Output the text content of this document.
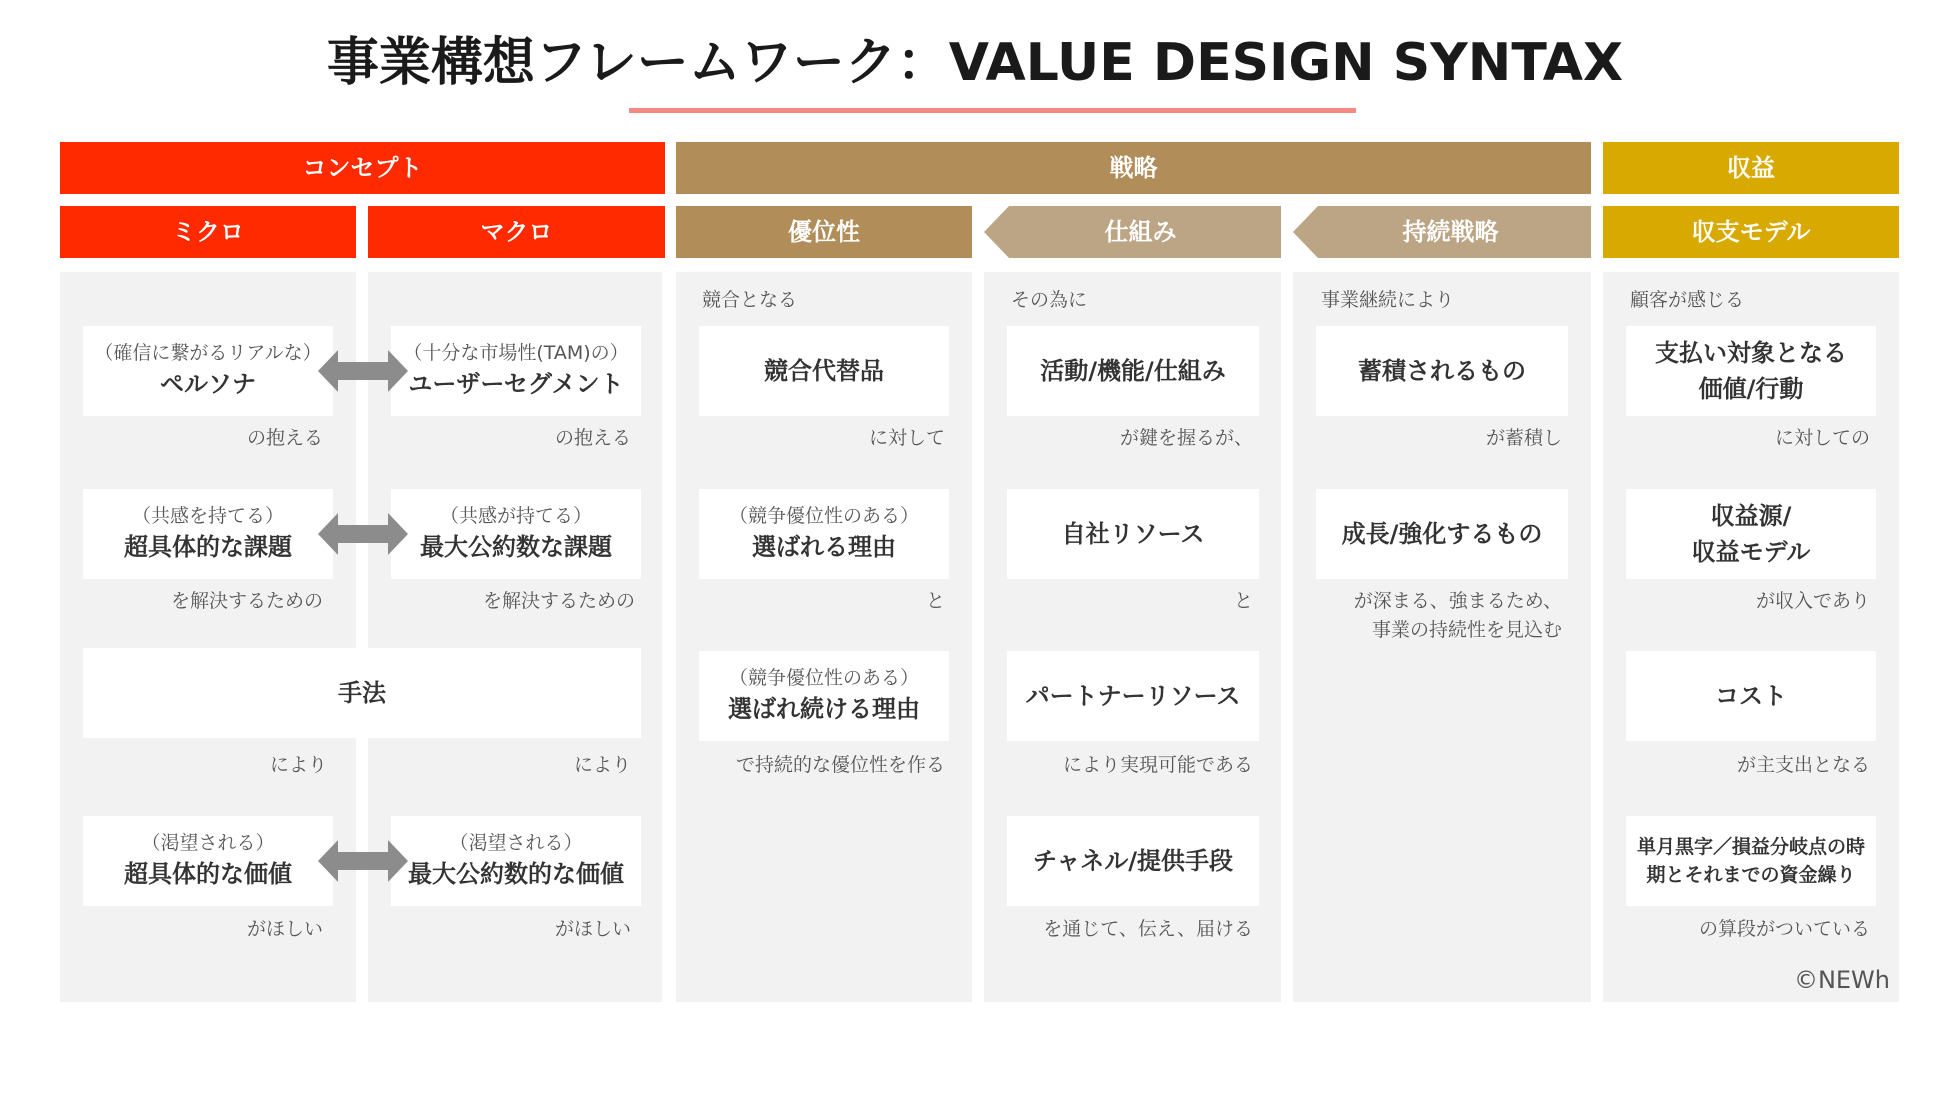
事業構想フレームワーク：VALUE DESIGN SYNTAX
コンセプト	戦略	収益
ミクロ	マクロ	優位性	仕組み	持続戦略	収支モデル
（確信に繋がるリアルな）
ペルソナ
の抱える
（共感を持てる）
超具体的な課題
を解決するための
により
（渇望される）
超具体的な価値
がほしい
（十分な市場性(TAM)の）
ユーザーセグメント
の抱える
（共感が持てる）
最大公約数な課題
を解決するための
により
（渇望される）
最大公約数的な価値
がほしい
手法
競合となる
競合代替品
に対して
（競争優位性のある）
選ばれる理由
と
（競争優位性のある）
選ばれ続ける理由
で持続的な優位性を作る
その為に
活動/機能/仕組み
が鍵を握るが、
自社リソース
と
パートナーリソース
により実現可能である
チャネル/提供手段
を通じて、伝え、届ける
事業継続により
蓄積されるもの
が蓄積し
成長/強化するもの
が深まる、強まるため、
事業の持続性を見込む
顧客が感じる
支払い対象となる
価値/行動
に対しての
収益源/
収益モデル
が収入であり
コスト
が主支出となる
単月黒字／損益分岐点の時
期とそれまでの資金繰り
の算段がついている
©NEWh
